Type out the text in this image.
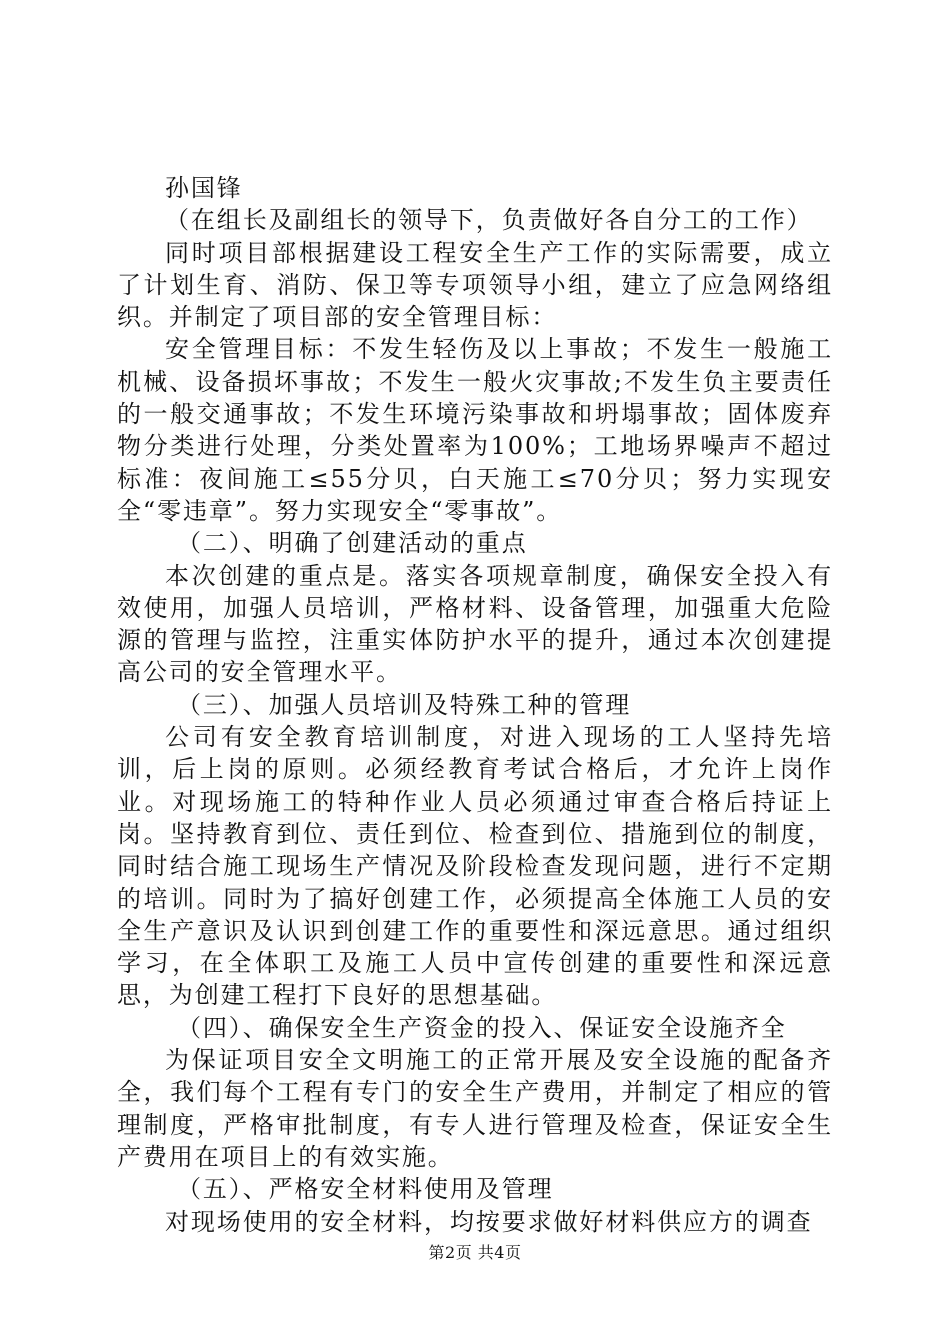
孙国锋

（在组长及副组长的领导下，负责做好各自分工的工作）

同时项目部根据建设工程安全生产工作的实际需要，成立了计划生育、消防、保卫等专项领导小组，建立了应急网络组织。并制定了项目部的安全管理目标：

安全管理目标：不发生轻伤及以上事故；不发生一般施工机械、设备损坏事故；不发生一般火灾事故;不发生负主要责任的一般交通事故；不发生环境污染事故和坍塌事故；固体废弃物分类进行处理，分类处置率为100%；工地场界噪声不超过标准：夜间施工≤55分贝，白天施工≤70分贝；努力实现安全“零违章”。努力实现安全“零事故”。

（二）、明确了创建活动的重点

本次创建的重点是。落实各项规章制度，确保安全投入有效使用，加强人员培训，严格材料、设备管理，加强重大危险源的管理与监控，注重实体防护水平的提升，通过本次创建提高公司的安全管理水平。

（三）、加强人员培训及特殊工种的管理

公司有安全教育培训制度，对进入现场的工人坚持先培训，后上岗的原则。必须经教育考试合格后，才允许上岗作业。对现场施工的特种作业人员必须通过审查合格后持证上岗。坚持教育到位、责任到位、检查到位、措施到位的制度，同时结合施工现场生产情况及阶段检查发现问题，进行不定期的培训。同时为了搞好创建工作，必须提高全体施工人员的安全生产意识及认识到创建工作的重要性和深远意思。通过组织学习，在全体职工及施工人员中宣传创建的重要性和深远意思，为创建工程打下良好的思想基础。

（四）、确保安全生产资金的投入、保证安全设施齐全

为保证项目安全文明施工的正常开展及安全设施的配备齐全，我们每个工程有专门的安全生产费用，并制定了相应的管理制度，严格审批制度，有专人进行管理及检查，保证安全生产费用在项目上的有效实施。

（五）、严格安全材料使用及管理

对现场使用的安全材料，均按要求做好材料供应方的调查

第2页 共4页
